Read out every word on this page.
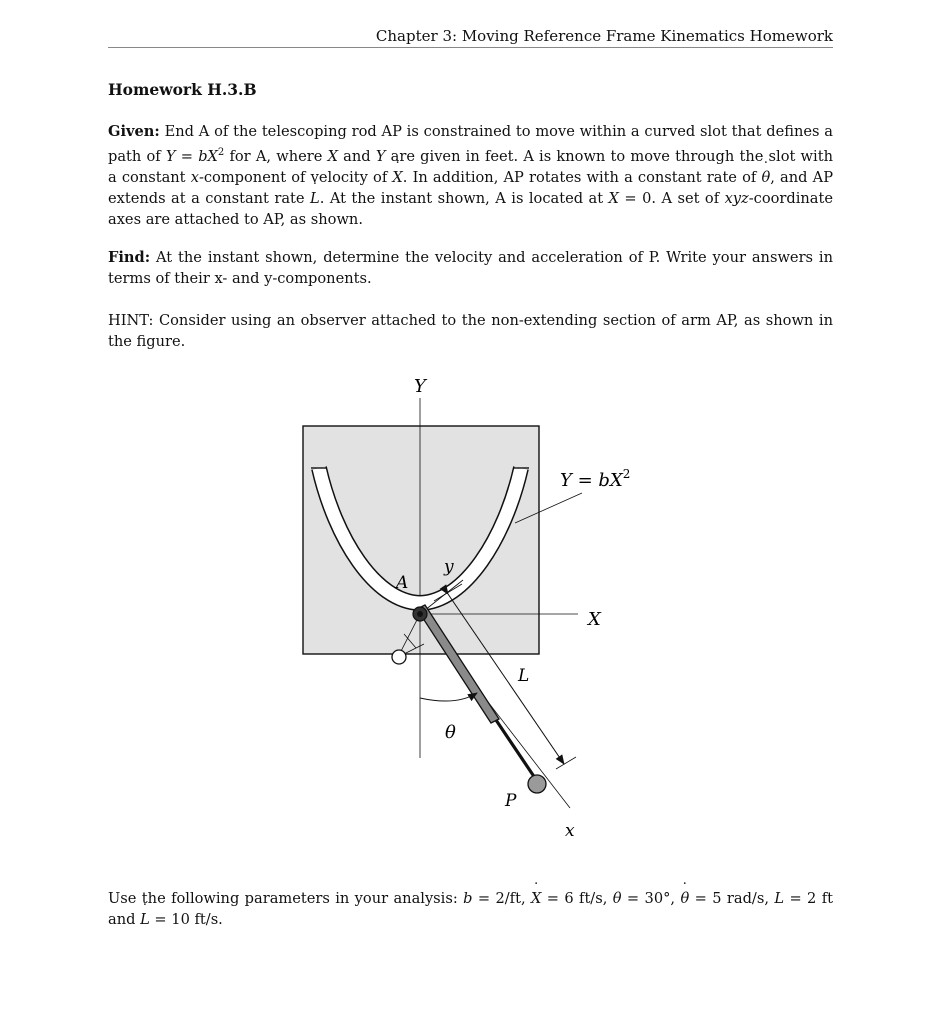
Chapter 3: Moving Reference Frame Kinematics Homework
Homework H.3.B
Given: End A of the telescoping rod AP is constrained to move within a curved slot that defines a path of $Y = bX^2$ for A, where X and Y are given in feet. A is known to move through the slot with a constant x-component of velocity of X ˙. In addition, AP rotates with a constant rate of θ ˙, and AP extends at a constant rate L ˙. At the instant shown, A is located at X = 0. A set of xyz-coordinate axes are attached to AP, as shown.
Find: At the instant shown, determine the velocity and acceleration of P. Write your answers in terms of their x- and y-components.
HINT: Consider using an observer attached to the non-extending section of arm AP, as shown in the figure.
Y
X
$Y = bX^2$
A
y
L
θ
P
x
Use the following parameters in your analysis: b = 2/ft, X ˙ = 6 ft/s, θ = 30°, θ ˙ = 5 rad/s, L = 2 ft and L ˙ = 10 ft/s.
